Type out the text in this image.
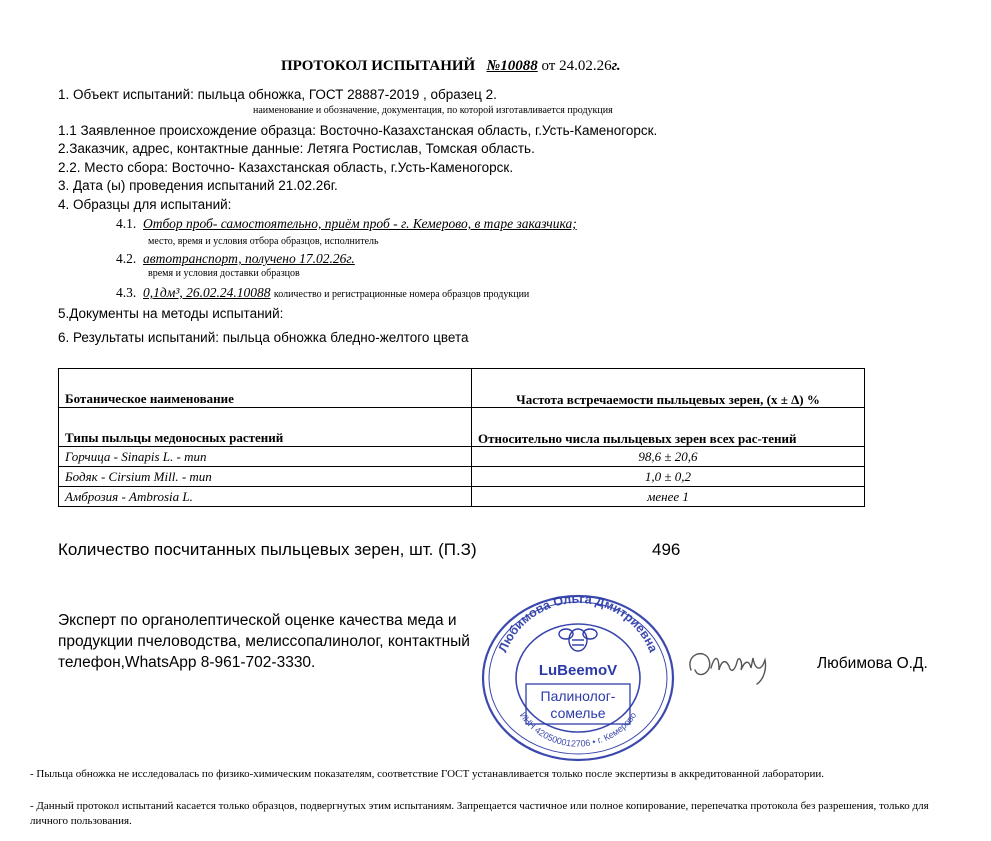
ПРОТОКОЛ ИСПЫТАНИЙ №10088 от 24.02.26г.
1. Объект испытаний: пыльца обножка, ГОСТ 28887-2019 , образец 2.
наименование и обозначение, документация, по которой изготавливается продукция
1.1 Заявленное происхождение образца: Восточно-Казахстанская область, г.Усть-Каменогорск.
2.Заказчик, адрес, контактные данные: Летяга Ростислав, Томская область.
2.2. Место сбора: Восточно- Казахстанская область, г.Усть-Каменогорск.
3. Дата (ы) проведения испытаний 21.02.26г.
4. Образцы для испытаний:
4.1. Отбор проб- самостоятельно, приём проб - г. Кемерово, в таре заказчика;
место, время и условия отбора образцов, исполнитель
4.2. автотранспорт, получено 17.02.26г.
время и условия доставки образцов
4.3. 0,1дм³, 26.02.24.10088 количество и регистрационные номера образцов продукции
5.Документы на методы испытаний:
6. Результаты испытаний: пыльца обножка бледно-желтого цвета
Ботаническое наименование	Частота встречаемости пыльцевых зерен, (x ± Δ) %
Типы пыльцы медоносных растений	Относительно числа пыльцевых зерен всех рас-тений
Горчица - Sinapis L. - тип	98,6 ± 20,6
Бодяк - Cirsium Mill. - тип	1,0 ± 0,2
Амброзия - Ambrosia L.	менее 1
Количество посчитанных пыльцевых зерен, шт. (П.З)	496
Эксперт по органолептической оценке качества меда и продукции пчеловодства, мелиссопалинолог, контактный телефон,WhatsApp 8-961-702-3330.
Любимова Ольга Дмитриевна
ИНН 420500012706 • г. Кемерово
LuBeemoV
Палинолог-
сомелье
Любимова О.Д.
- Пыльца обножка не исследовалась по физико-химическим показателям, соответствие ГОСТ устанавливается только после экспертизы в аккредитованной лаборатории.
- Данный протокол испытаний касается только образцов, подвергнутых этим испытаниям. Запрещается частичное или полное копирование, перепечатка протокола без разрешения, только для личного пользования.
